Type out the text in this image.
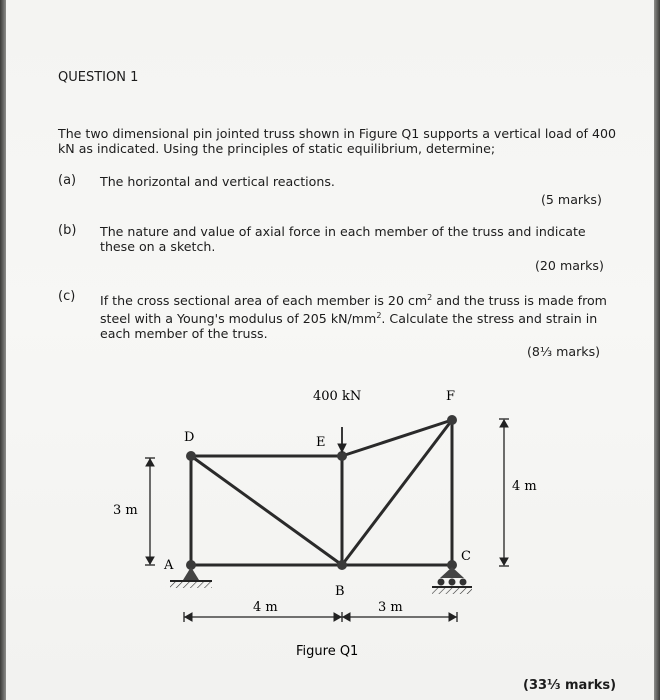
QUESTION 1
The two dimensional pin jointed truss shown in Figure Q1 supports a vertical load of 400 kN as indicated. Using the principles of static equilibrium, determine;
(a) The horizontal and vertical reactions.
(5 marks)
(b) The nature and value of axial force in each member of the truss and indicate these on a sketch.
(20 marks)
(c) If the cross sectional area of each member is 20 $cm^2$ and the truss is made from steel with a Young's modulus of 205 $kN/mm^2$. Calculate the stress and strain in each member of the truss.
(8⅓ marks)
400 kN	F
D	E
A
C
B
3 m
4 m
4 m	3 m
Figure Q1
(33⅓ marks)
